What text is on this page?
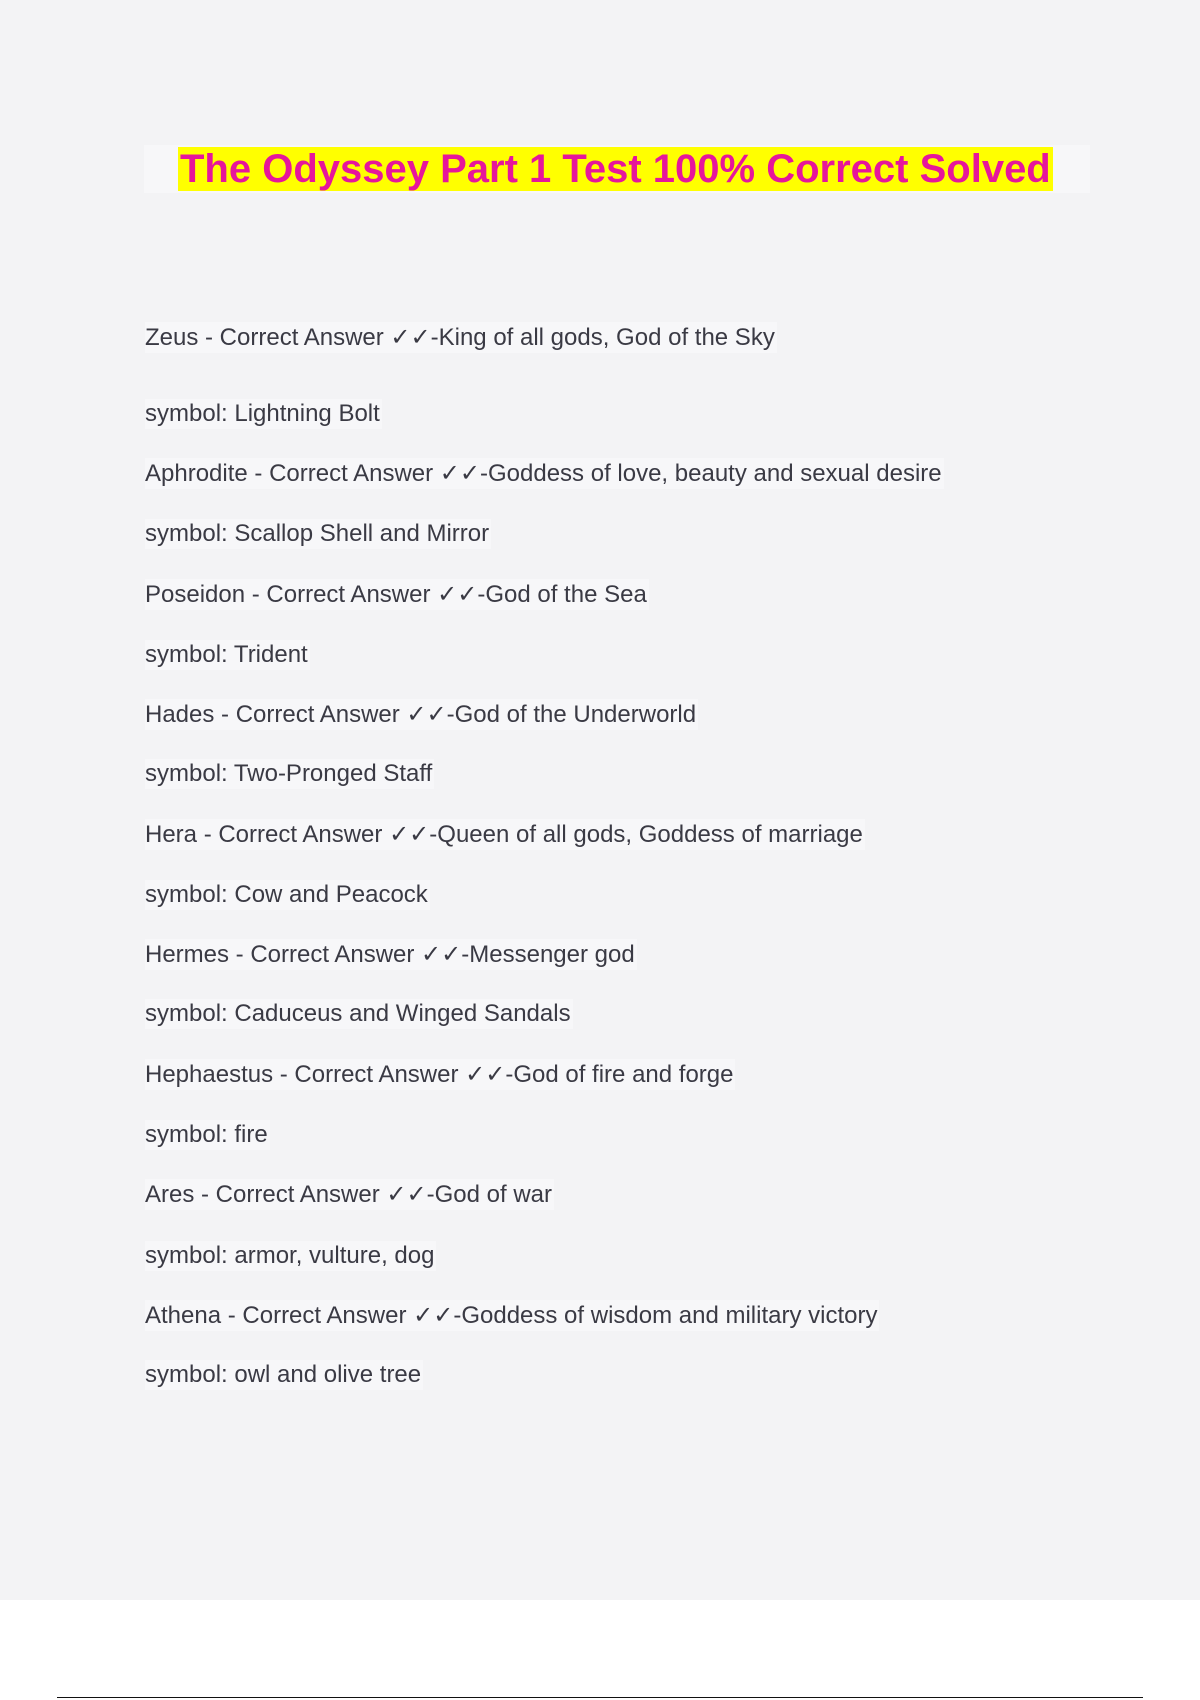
The Odyssey Part 1 Test 100% Correct Solved
Zeus - Correct Answer ✓✓-King of all gods, God of the Sky
symbol: Lightning Bolt
Aphrodite - Correct Answer ✓✓-Goddess of love, beauty and sexual desire
symbol: Scallop Shell and Mirror
Poseidon - Correct Answer ✓✓-God of the Sea
symbol: Trident
Hades - Correct Answer ✓✓-God of the Underworld
symbol: Two-Pronged Staff
Hera - Correct Answer ✓✓-Queen of all gods, Goddess of marriage
symbol: Cow and Peacock
Hermes - Correct Answer ✓✓-Messenger god
symbol: Caduceus and Winged Sandals
Hephaestus - Correct Answer ✓✓-God of fire and forge
symbol: fire
Ares - Correct Answer ✓✓-God of war
symbol: armor, vulture, dog
Athena - Correct Answer ✓✓-Goddess of wisdom and military victory
symbol: owl and olive tree
